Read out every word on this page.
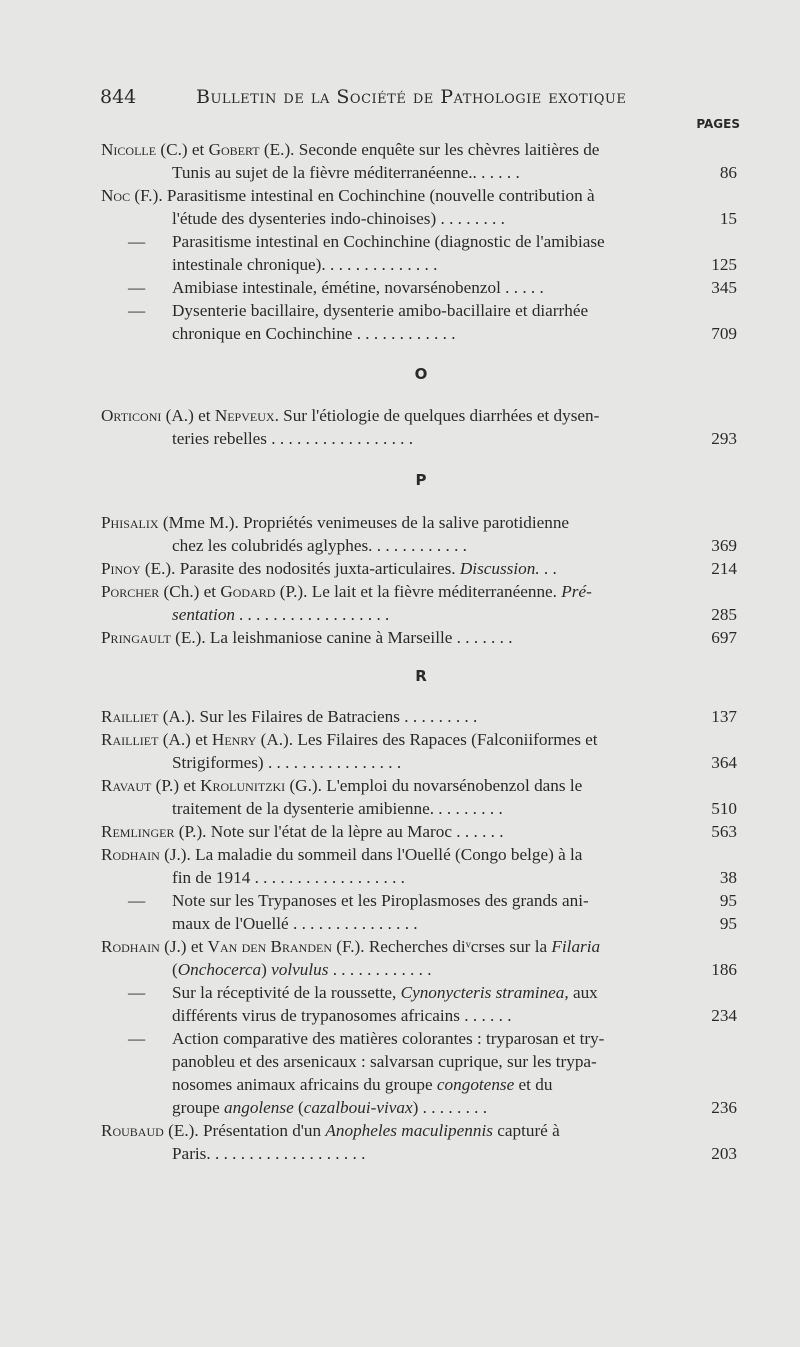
844	Bulletin de la Société de Pathologie exotique
PAGES
Nicolle (C.) et Gobert (E.). Seconde enquête sur les chèvres laitières de
Tunis au sujet de la fièvre méditerranéenne.. . . . . .	86
Noc (F.). Parasitisme intestinal en Cochinchine (nouvelle contribution à
l'étude des dysenteries indo-chinoises) . . . . . . . .	15
— Parasitisme intestinal en Cochinchine (diagnostic de l'amibiase
intestinale chronique). . . . . . . . . . . . . .	125
— Amibiase intestinale, émétine, novarsénobenzol . . . . .	345
— Dysenterie bacillaire, dysenterie amibo-bacillaire et diarrhée
chronique en Cochinchine . . . . . . . . . . . .	709
O
Orticoni (A.) et Nepveux. Sur l'étiologie de quelques diarrhées et dysen-
teries rebelles . . . . . . . . . . . . . . . . .	293
P
Phisalix (Mme M.). Propriétés venimeuses de la salive parotidienne
chez les colubridés aglyphes. . . . . . . . . . . .	369
Pinoy (E.). Parasite des nodosités juxta-articulaires. Discussion. . .	214
Porcher (Ch.) et Godard (P.). Le lait et la fièvre méditerranéenne. Pré-
sentation . . . . . . . . . . . . . . . . . .	285
Pringault (E.). La leishmaniose canine à Marseille . . . . . . .	697
R
Railliet (A.). Sur les Filaires de Batraciens . . . . . . . . .	137
Railliet (A.) et Henry (A.). Les Filaires des Rapaces (Falconiiformes et
Strigiformes) . . . . . . . . . . . . . . . .	364
Ravaut (P.) et Krolunitzki (G.). L'emploi du novarsénobenzol dans le
traitement de la dysenterie amibienne. . . . . . . . .	510
Remlinger (P.). Note sur l'état de la lèpre au Maroc . . . . . .	563
Rodhain (J.). La maladie du sommeil dans l'Ouellé (Congo belge) à la
fin de 1914 . . . . . . . . . . . . . . . . . .	38
— Note sur les Trypanoses et les Piroplasmoses des grands ani-	95
maux de l'Ouellé . . . . . . . . . . . . . . .	95
Rodhain (J.) et Van den Branden (F.). Recherches diᵛcrses sur la Filaria
(Onchocerca) volvulus . . . . . . . . . . . .	186
— Sur la réceptivité de la roussette, Cynonycteris straminea, aux
différents virus de trypanosomes africains . . . . . .	234
— Action comparative des matières colorantes : tryparosan et try-
panobleu et des arsenicaux : salvarsan cuprique, sur les trypa-
nosomes animaux africains du groupe congotense et du
groupe angolense (cazalboui-vivax) . . . . . . . .	236
Roubaud (E.). Présentation d'un Anopheles maculipennis capturé à
Paris. . . . . . . . . . . . . . . . . . .	203
